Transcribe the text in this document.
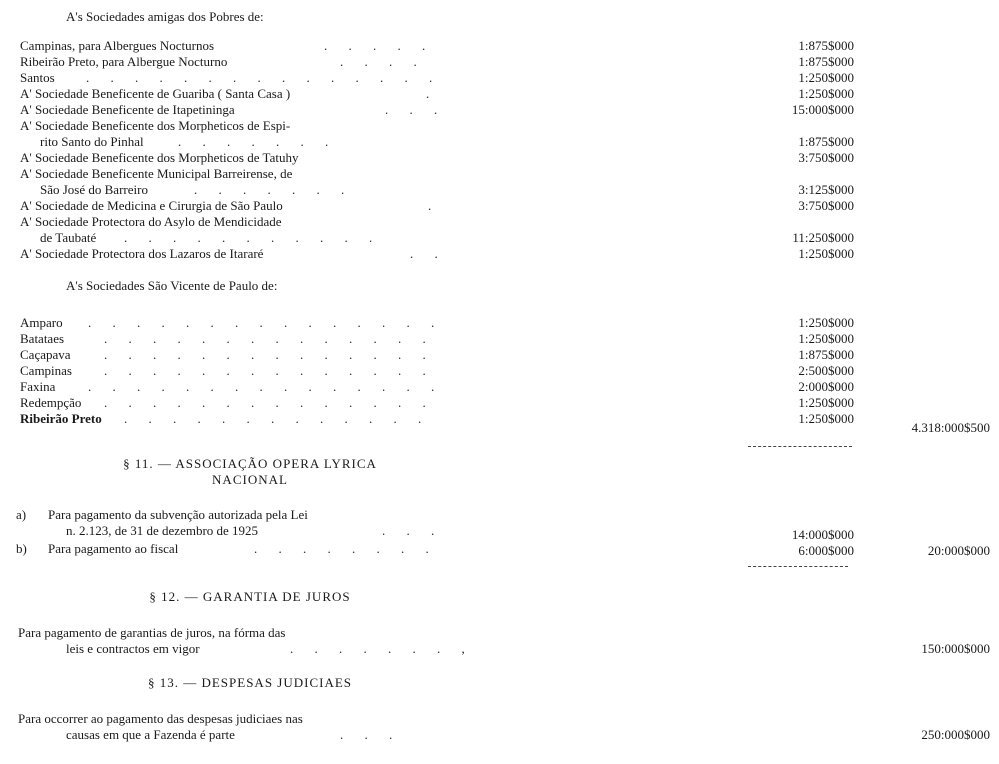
A's Sociedades amigas dos Pobres de:
Campinas, para Albergues Nocturnos	. . . . .	1:875$000
Ribeirão Preto, para Albergue Nocturno	. . . .	1:875$000
Santos . . . . . . . . . . . . . . .	1:250$000
A' Sociedade Beneficente de Guariba ( Santa Casa )	.	1:250$000
A' Sociedade Beneficente de Itapetininga	. . .	15:000$000
A' Sociedade Beneficente dos Morpheticos de Espi-
rito Santo do Pinhal	. . . . . . .	1:875$000
A' Sociedade Beneficente dos Morpheticos de Tatuhy	3:750$000
A' Sociedade Beneficente Municipal Barreirense, de
São José do Barreiro	. . . . . . .	3:125$000
A' Sociedade de Medicina e Cirurgia de São Paulo	.	3:750$000
A' Sociedade Protectora do Asylo de Mendicidade
de Taubaté . . . . . . . . . . .	11:250$000
A' Sociedade Protectora dos Lazaros de Itararé	. .	1:250$000
A's Sociedades São Vicente de Paulo de:
Amparo . . . . . . . . . . . . . . .	1:250$000
Batataes	. . . . . . . . . . . . . .	1:250$000
Caçapava	. . . . . . . . . . . . . .	1:875$000
Campinas . . . . . . . . . . . . . .	2:500$000
Faxina	. . . . . . . . . . . . . . .	2:000$000
Redempção . . . . . . . . . . . . . .	1:250$000
Ribeirão Preto . . . . . . . . . . . . .	1:250$000
4.318:000$500
§ 11. — ASSOCIAÇÃO OPERA LYRICA
NACIONAL
a) Para pagamento da subvenção autorizada pela Lei
n. 2.123, de 31 de dezembro de 1925	. . .	14:000$000
b) Para pagamento ao fiscal	. . . . . . . .	6:000$000	20:000$000
§ 12. — GARANTIA DE JUROS
Para pagamento de garantias de juros, na fórma das
leis e contractos em vigor	. . . . . . . ,	150:000$000
§ 13. — DESPESAS JUDICIAES
Para occorrer ao pagamento das despesas judiciaes nas
causas em que a Fazenda é parte	. . .	250:000$000
